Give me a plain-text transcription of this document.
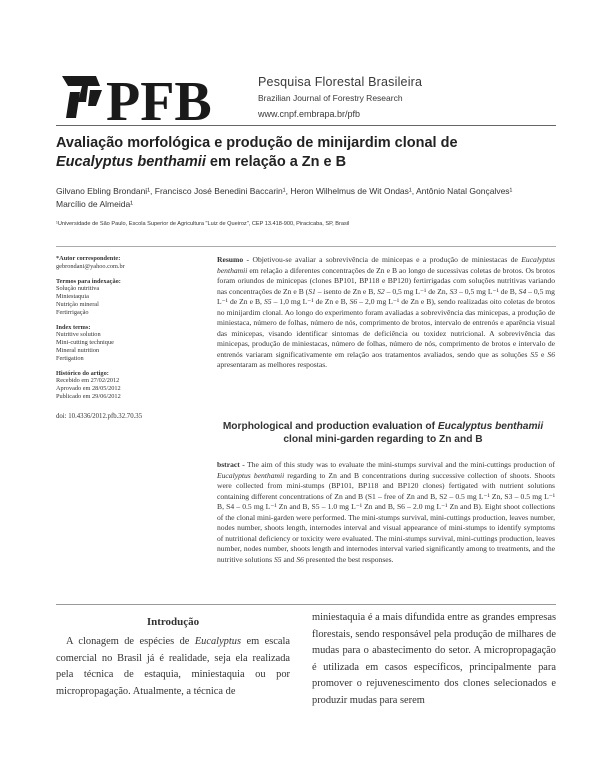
PFB	Pesquisa Florestal Brasileira
Brazilian Journal of Forestry Research
www.cnpf.embrapa.br/pfb
Avaliação morfológica e produção de minijardim clonal de
Eucalyptus benthamii em relação a Zn e B
Gilvano Ebling Brondani¹, Francisco José Benedini Baccarin¹, Heron Wilhelmus de Wit Ondas¹, Antônio Natal Gonçalves¹
Marcílio de Almeida¹
¹Universidade de São Paulo, Escola Superior de Agricultura "Luiz de Queiroz", CEP 13.418-900, Piracicaba, SP, Brasil
*Autor correspondente:
gebrondani@yahoo.com.br
Termos para indexação:
Solução nutritiva
Miniestaquia
Nutrição mineral
Fertirrigação
Index terms:
Nutritive solution
Mini-cutting technique
Mineral nutrition
Fertigation
Histórico do artigo:
Recebido em 27/02/2012
Aprovado em 28/05/2012
Publicado em 29/06/2012
doi: 10.4336/2012.pfb.32.70.35
Resumo - Objetivou-se avaliar a sobrevivência de minicepas e a produção de miniestacas de Eucalyptus benthamii em relação a diferentes concentrações de Zn e B ao longo de sucessivas coletas de brotos. Os brotos foram oriundos de minicepas (clones BP101, BP118 e BP120) fertirrigadas com soluções nutritivas variando nas concentrações de Zn e B (S1 – isento de Zn e B, S2 – 0,5 mg L⁻¹ de Zn, S3 – 0,5 mg L⁻¹ de B, S4 – 0,5 mg L⁻¹ de Zn e B, S5 – 1,0 mg L⁻¹ de Zn e B, S6 – 2,0 mg L⁻¹ de Zn e B), sendo realizadas oito coletas de brotos no minijardim clonal. Ao longo do experimento foram avaliadas a sobrevivência das minicepas, a produção de miniestaca, número de folhas, número de nós, comprimento de brotos, intervalo de entrenós e aparência visual das minicepas, visando identificar sintomas de deficiência ou toxidez nutricional. A sobrevivência das minicepas, produção de miniestacas, número de folhas, número de nós, comprimento de brotos e intervalo de entrenós variaram significativamente em relação aos tratamentos avaliados, sendo que as soluções S5 e S6 apresentaram as melhores respostas.
Morphological and production evaluation of Eucalyptus benthamii
clonal mini-garden regarding to Zn and B
bstract - The aim of this study was to evaluate the mini-stumps survival and the mini-cuttings production of Eucalyptus benthamii regarding to Zn and B concentrations during successive collection of shoots. Shoots were collected from mini-stumps (BP101, BP118 and BP120 clones) fertigated with nutrient solutions containing different concentrations of Zn and B (S1 – free of Zn and B, S2 – 0.5 mg L⁻¹ Zn, S3 – 0.5 mg L⁻¹ B, S4 – 0.5 mg L⁻¹ Zn and B, S5 – 1.0 mg L⁻¹ Zn and B, S6 – 2.0 mg L⁻¹ Zn and B). Eight shoot collections of the clonal mini-garden were performed. The mini-stumps survival, mini-cuttings production, leaves number, nodes number, shoots length, internodes interval and visual appearance of mini-stumps to identify symptoms of nutritional deficiency or toxicity were evaluated. The mini-stumps survival, mini-cuttings production, leaves number, nodes number, shoots length and internodes interval varied significantly among to treatments, and the nutritive solutions S5 and S6 presented the best responses.
Introdução

A clonagem de espécies de Eucalyptus em escala comercial no Brasil já é realidade, seja ela realizada pela técnica de estaquia, miniestaquia ou por micropropagação. Atualmente, a técnica de

miniestaquia é a mais difundida entre as grandes empresas florestais, sendo responsável pela produção de milhares de mudas para o abastecimento do setor. A micropropagação é utilizada em casos específicos, principalmente para promover o rejuvenescimento dos clones selecionados e produzir mudas para serem
